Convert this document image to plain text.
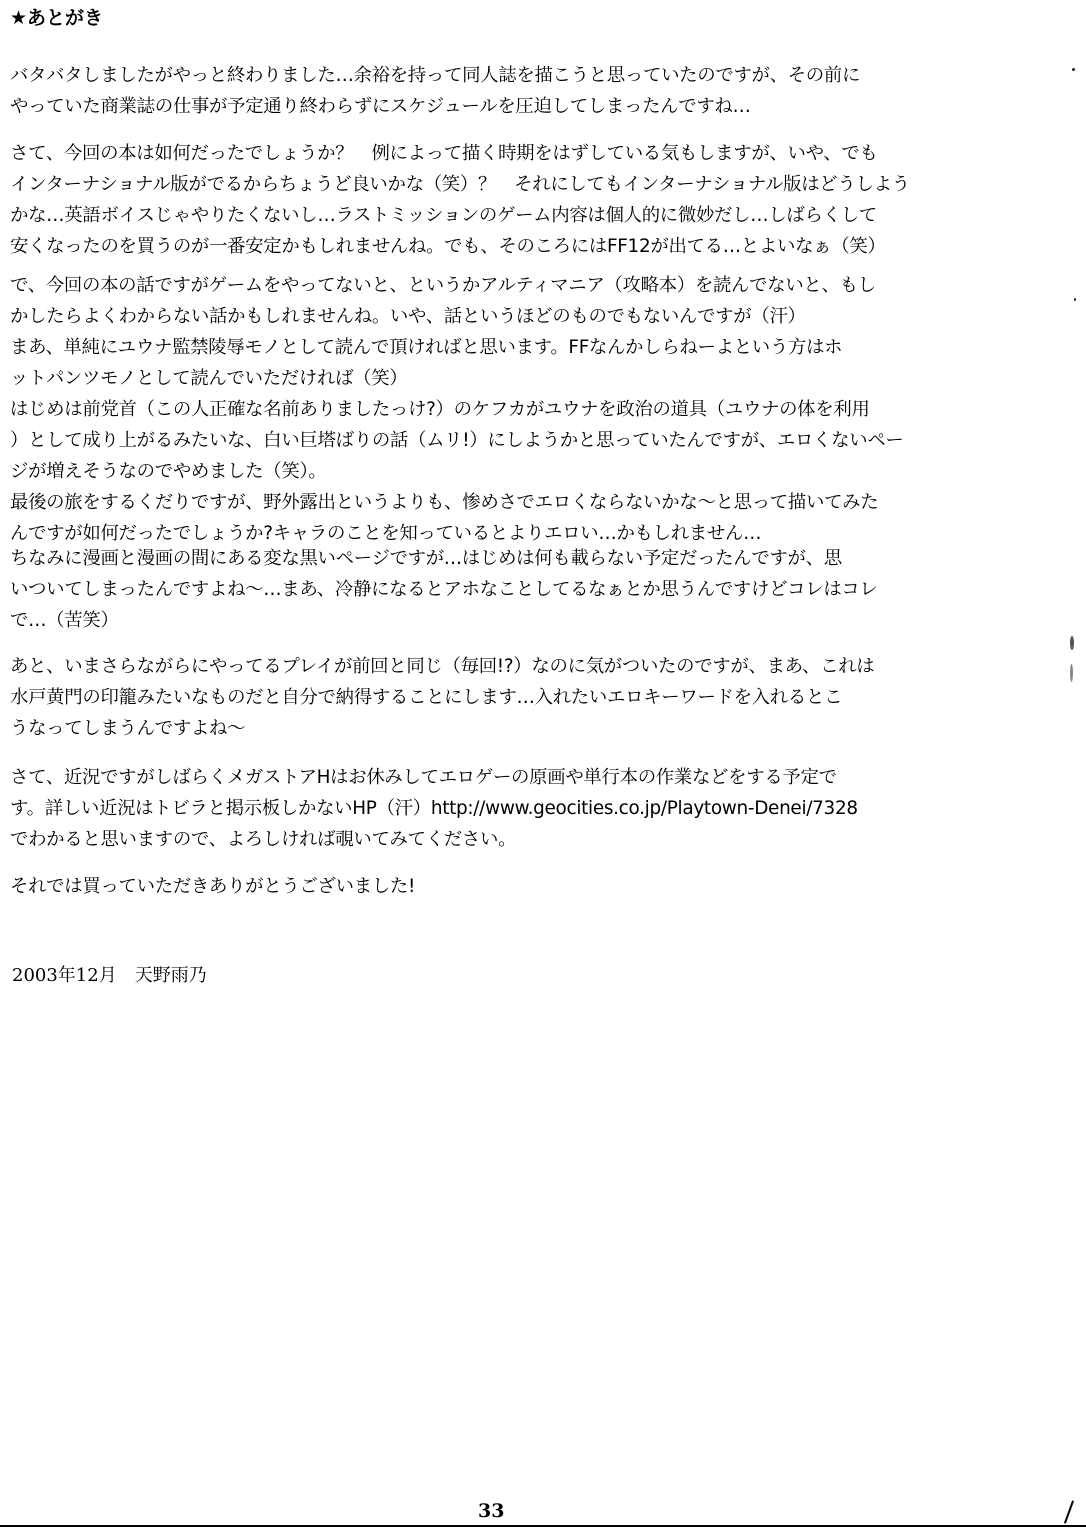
★あとがき
バタバタしましたがやっと終わりました…余裕を持って同人誌を描こうと思っていたのですが、その前に
やっていた商業誌の仕事が予定通り終わらずにスケジュールを圧迫してしまったんですね…
さて、今回の本は如何だったでしょうか？　例によって描く時期をはずしている気もしますが、いや、でも
インターナショナル版がでるからちょうど良いかな（笑）？　それにしてもインターナショナル版はどうしよう
かな…英語ボイスじゃやりたくないし…ラストミッションのゲーム内容は個人的に微妙だし…しばらくして
安くなったのを買うのが一番安定かもしれませんね。でも、そのころにはFF12が出てる…とよいなぁ（笑）
で、今回の本の話ですがゲームをやってないと、というかアルティマニア（攻略本）を読んでないと、もし
かしたらよくわからない話かもしれませんね。いや、話というほどのものでもないんですが（汗）
まあ、単純にユウナ監禁陵辱モノとして読んで頂ければと思います。FFなんかしらねーよという方はホ
ットパンツモノとして読んでいただければ（笑）
はじめは前党首（この人正確な名前ありましたっけ?）のケフカがユウナを政治の道具（ユウナの体を利用
）として成り上がるみたいな、白い巨塔ばりの話（ムリ!）にしようかと思っていたんですが、エロくないペー
ジが増えそうなのでやめました（笑）。
最後の旅をするくだりですが、野外露出というよりも、惨めさでエロくならないかな～と思って描いてみた
んですが如何だったでしょうか?キャラのことを知っているとよりエロい…かもしれません…
ちなみに漫画と漫画の間にある変な黒いページですが…はじめは何も載らない予定だったんですが、思
いついてしまったんですよね～…まあ、冷静になるとアホなことしてるなぁとか思うんですけどコレはコレ
で…（苦笑）
あと、いまさらながらにやってるプレイが前回と同じ（毎回!?）なのに気がついたのですが、まあ、これは
水戸黄門の印籠みたいなものだと自分で納得することにします…入れたいエロキーワードを入れるとこ
うなってしまうんですよね～
さて、近況ですがしばらくメガストアHはお休みしてエロゲーの原画や単行本の作業などをする予定で
す。詳しい近況はトビラと掲示板しかないHP（汗）http://www.geocities.co.jp/Playtown-Denei/7328
でわかると思いますので、よろしければ覗いてみてください。
それでは買っていただきありがとうございました!
2003年12月　天野雨乃
33
